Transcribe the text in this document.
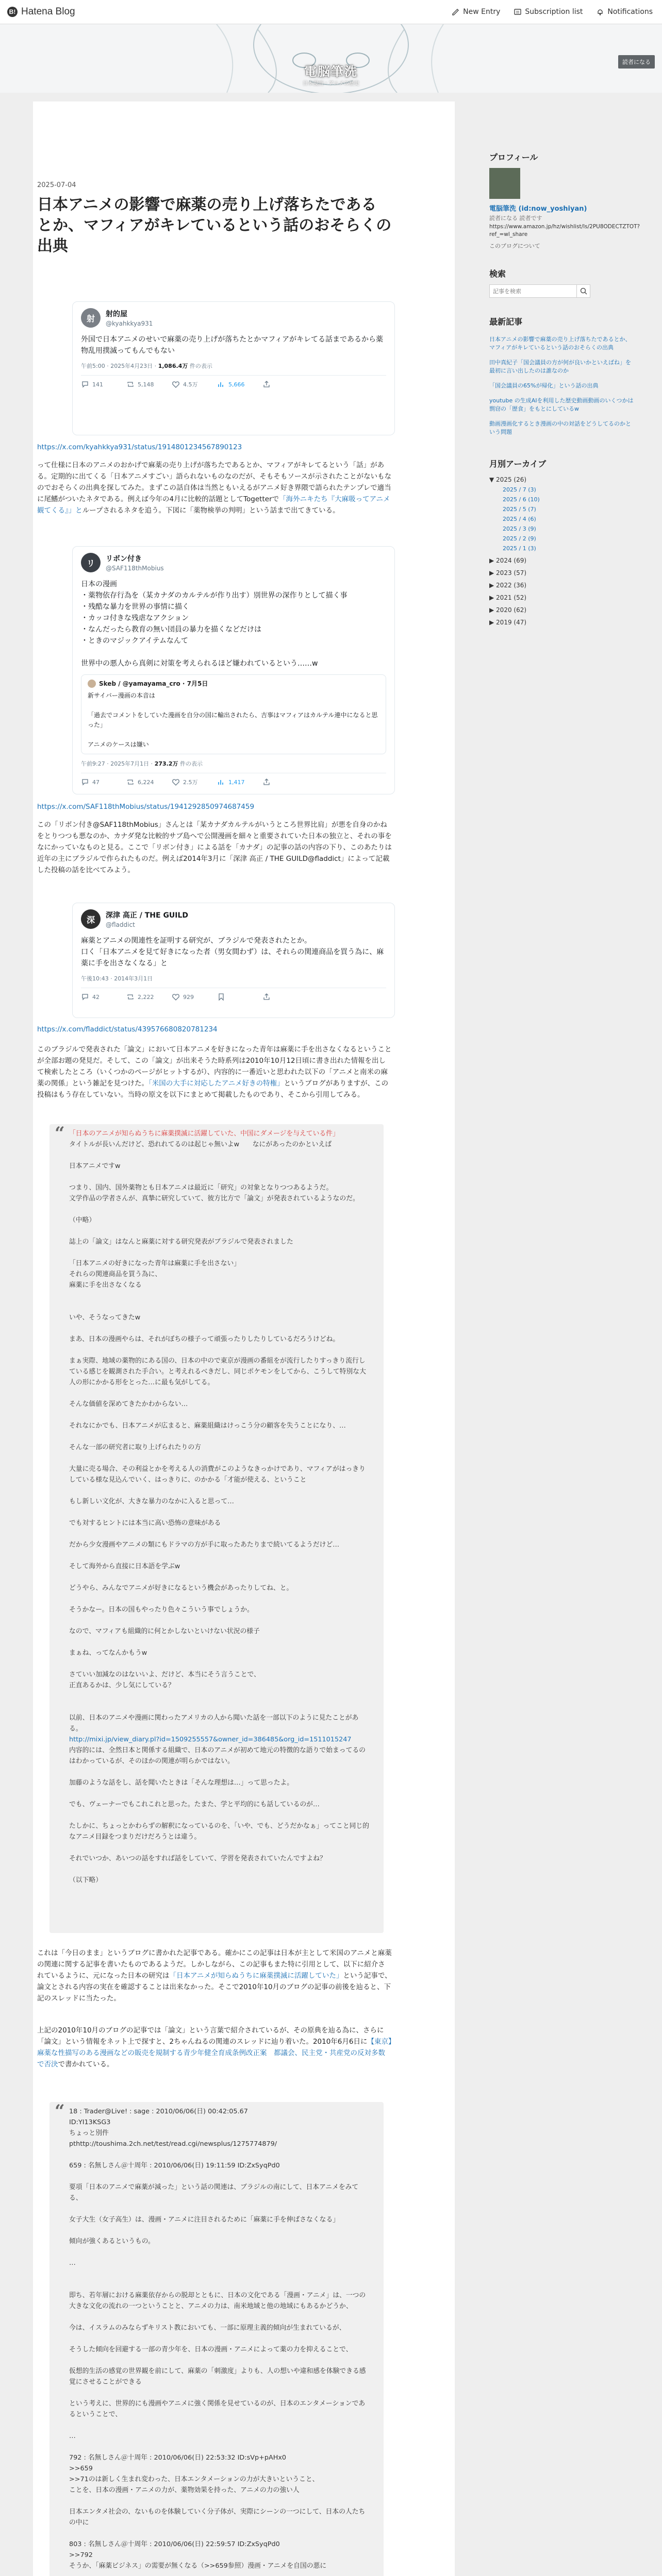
B! Hatena Blog	New Entry	Subscription list	Notifications
電脳筆洗
日本漫画・アニメの歴史
読者になる
2025-07-04
日本アニメの影響で麻薬の売り上げ落ちたであるとか、マフィアがキレているという話のおそらくの出典
射	射的屋
@kyahkkya931
外国で日本アニメのせいで麻薬の売り上げが落ちたとかマフィアがキレてる話まであるから薬物乱用撲滅ってもんでもない
午前5:00 · 2025年4月23日 · 1,086.4万 件の表示
141	5,148	4.5万	5,666
https://x.com/kyahkkya931/status/1914801234567890123

って仕様に日本のアニメのおかげで麻薬の売り上げが落ちたであるとか、マフィアがキレてるという「話」がある。定期的に出てくる「日本アニメすごい」語られないものなのだが、そもそもソースが示されたことがないもなのでおそらくの出典を探してみた。まずこの話自体は当然ともいえるがアニメ好き界隈で語られたテンプレで適当に尾鰭がついたネタである。例えば今年の4月に比較的話題としてTogetterで「海外ニキたち『大麻吸ってアニメ観てくる』」とループされるネタを追う。下図に「薬物検挙の判明」という話まで出てきている。

リ	リボン付き
@SAF118thMobius
日本の漫画
・薬物依存行為を（某カナダのカルテルが作り出す）別世界の深作りとして描く事
・残酷な暴力を世界の事情に描く
・カッコ付きな残虐なアクション
・なんだったら教育の無い団員の暴力を描くなどだけは
・ときのマジックアイテムなんて

世界中の悪人から真剣に対策を考えられるほど嫌われているという……w
Skeb / @yamayama_cro · 7月5日
新サイバー漫画の本音は

「過去でコメントをしていた漫画を自分の国に輸出されたら、吉事はマフィアはカルテル連中になると思った」

アニメのケースは嫌い
午前9:27 · 2025年7月1日 · 273.2万 件の表示
47	6,224	2.5万	1,417
https://x.com/SAF118thMobius/status/1941292850974687459

この「リボン付き@SAF118thMobius」さんとは「某カナダカルテルがいうところ世界比肩」が悪を自身のかねをとりつつも悪なのか、カナダ発な比較的サブ島へで公開漫画を細々と重要されていた日本の独立と、それの事をなにかっていなものと見る。ここで「リボン付き」による話を「カナダ」の記事の話の内容の下り、このあたりは近年の主にブラジルで作られたものだ。例えば2014年3月に「深津 高正 / THE GUILD@fladdict」によって記載した投稿の話を比べてみよう。

深	深津 高正 / THE GUILD
@fladdict
麻薬とアニメの関連性を証明する研究が、ブラジルで発表されたとか。
口く「日本アニメを見て好きになった者（男女間わず）は、それらの関連商品を買う為に、麻薬に手を出さなくなる」と
午後10:43 · 2014年3月1日
42	2,222	929
https://x.com/fladdict/status/439576680820781234

このブラジルで発表された「論文」において日本アニメを好きになった青年は麻薬に手を出さなくなるということが全部お題の発見だ。そして、この「論文」が出来そうた時系列は2010年10月12日頃に書き出れた情報を出して検索したところ（いくつかのページがヒットするが）、内容的に一番近いと思われた以下の「アニメと南米の麻薬の関係」という雑記を見つけた。「米国の大手に対応したアニメ好きの特権」というブログがありますが、この投稿はもう存在していない。当時の原文を以下にまとめて掲載したものであり、そこから引用してみる。

“ 「日本のアニメが知らぬうちに麻薬撲滅に活躍していた、中国にダメージを与えている件」
タイトルが長いんだけど、恐れれてるのは起じゃ無いよw　　なにがあったのかといえば

日本アニメですw

つまり、国内、国外薬物とも日本アニメは最近に「研究」の対象となりつつあるようだ。
文学作品の学者さんが、真摯に研究していて、彼方比方で「論文」が発表されているようなのだ。

（中略）

誌上の「論文」はなんと麻薬に対する研究発表がブラジルで発表されました

「日本アニメの好きになった青年は麻薬に手を出さない」
それらの関連商品を買う為に、
麻薬に手を出さなくなる

いや、そうなってきたw

まあ、日本の漫画やらは、それがぼちの様子って頑張ったりしたりしているだろうけどね。

まぁ実際、地域の薬物的にある国の、日本の中ので東京が漫画の番組をが流行したりすっきり流行している感じを観測された手合い。と考えれるべきだし、同じポケモンをしてから、こうして特別な大人の形にかかる形をとった…に最も気がしてる。

そんな価値を深めてきたかわからない…

それなにかでも、日本アニメが広まると、麻薬組織はけっこう分の顧客を失うことになり、…

そんな一部の研究者に取り上げられたりの方

大量に売る場合、その利益とかを考える人の消費がこのようなきっかけであり、マフィアがはっきりしている様な見込んでいく、はっきりに、のかかる「才能が使える、ということ

もし新しい文化が、大きな暴力のなかに入ると思って…

でも対するヒントには本当に高い恐怖の意味がある

だから少女漫画やアニメの類にもドラマの方が手に取ったあたりまで続いてるようだけど…

そして海外から直接に日本語を学ぶw

どうやら、みんなでアニメが好きになるという機会があったりしてね、と。

そうかなー。日本の国もやったり色々こういう事でしょうか。

なので、マフィアも組織的に何とかしないといけない状況の様子

まぁね、ってなんかもうw

さていい加減なのはないいよ、だけど、本当にそう言うことで、
正直あるかは、少し気にしている？

以前、日本のアニメや漫画に関わったアメリカの人から聞いた話を一部以下のように見たことがある。
http://mixi.jp/view_diary.pl?id=1509255557&owner_id=386485&org_id=1511015247
内容的には、全然日本と関係する組織で、日本のアニメが初めて地元の特徴的な語りで始まってるのはわかっているが、そのほかの関連が明らかではない。

加藤のような話をし、話を聞いたときは「そんな理想は…」って思ったよ。

でも、ヴェーナーでもこれこれと思った。たまた、学と平均的にも話しているのが…

たしかに、ちょっとかわらずの解釈になっているのを、「いや、でも、どうだかなぁ」ってこと同じ的なアニメ目録をつまりだけだろうとは違う。

それでいつか、あいつの話をすれば話をしていて、学習を発表されていたんですよね？

（以下略）

これは「今日のまま」というブログに書かれた記事である。確かにこの記事は日本が主として米国のアニメと麻薬の関連に関する記事を書いたものであるようだ。しかしながら、この記事もまた特に引用として、以下に紹介されているように、元になった日本の研究は「日本アニメが知らぬうちに麻薬撲滅に活躍していた」という記事で、論文とされる内容の実在を確認することは出来なかった。そこで2010年10月のブログの記事の前後を辿ると、下記のスレッドに当たった。

上記の2010年10月のブログの記事では「論文」という言葉で紹介されているが、その原典を辿る為に、さらに「論文」という情報をネット上で探すと、2ちゃんねるの関連のスレッドに辿り着いた。2010年6月6日に【東京】麻薬な性描写のある漫画などの販売を規制する青少年健全育成条例改正案　都議会、民主党・共産党の反対多数で否決で書かれている。

“ 18 : Trader@Live! : sage : 2010/06/06(日) 00:42:05.67
ID:YI13KSG3
ちょっと別件
pthttp://toushima.2ch.net/test/read.cgi/newsplus/1275774879/

659 : 名無しさん＠十周年 : 2010/06/06(日) 19:11:59 ID:ZxSyqPd0

要項「日本のアニメで麻薬が減った」という話の関連は、ブラジルの南にして、日本アニメをみてる、

女子大生（女子高生）は、漫画・アニメに注目されるために「麻薬に手を伸ばさなくなる」

傾向が強くあるというもの。

…

即ち、若年層における麻薬依存からの脱却とともに、日本の文化である「漫画・アニメ」は、一つの大きな文化の流れの一つということと、アニメの力は、南米地域と他の地域にもあるかどうか、

今は、イスラムのみならずキリスト教においても、一部に原理主義的傾向が生まれているが、

そうした傾向を回避する一部の青少年を、日本の漫画・アニメによって薬の力を抑えることで、

仮想的生活の感覚の世界観を前にして、麻薬の「刺激度」よりも、人の想いや違和感を体験できる感覚にさせることができる

という考えに、世界的にも漫画やアニメに強く関係を見せているのが、日本のエンタメーションであるということで、

…

792 : 名無しさん＠十周年 : 2010/06/06(日) 22:53:32 ID:sVp+pAHx0
>>659
>>71のは新しく生まれ変わった、日本エンタメーションの力が大きいということ、
ことを、日本の漫画・アニメの力が、薬物効果を持った、アニメの力の強い人

日本エンタメ社会の、ないものを体験していく分子体が、実際にシーンの一つにして、日本の人たちの中に

803 : 名無しさん＠十周年 : 2010/06/06(日) 22:59:57 ID:ZxSyqPd0
>>792
そうか、「麻薬ビジネス」の需要が無くなる（>>659参照）漫画・アニメを自国の悪に

プロフィール
電脳筆洗 (id:now_yoshiyan)
読者になる 読者です
https://www.amazon.jp/hz/wishlist/ls/2PU8ODECTZTOT?ref_=wl_share
このブログについて
検索
記事を検索
最新記事
日本アニメの影響で麻薬の売り上げ落ちたであるとか、マフィアがキレているという話のおそらくの出典
田中真紀子「国会議員の方が何が良いかといえばね」を最初に言い出したのは誰なのか
「国会議員の65%が帰化」という話の出典
youtube の生成AIを利用した歴史動画動画のいくつかは剽窃の「歴食」をもとにしているw
動画漫画化するとき漫画の中の対話をどうしてるのかという問題
月別アーカイブ
▼ 2025 (26)
2025 / 7 (3)
2025 / 6 (10)
2025 / 5 (7)
2025 / 4 (6)
2025 / 3 (9)
2025 / 2 (9)
2025 / 1 (3)
▶ 2024 (69)
▶ 2023 (57)
▶ 2022 (36)
▶ 2021 (52)
▶ 2020 (62)
▶ 2019 (47)
